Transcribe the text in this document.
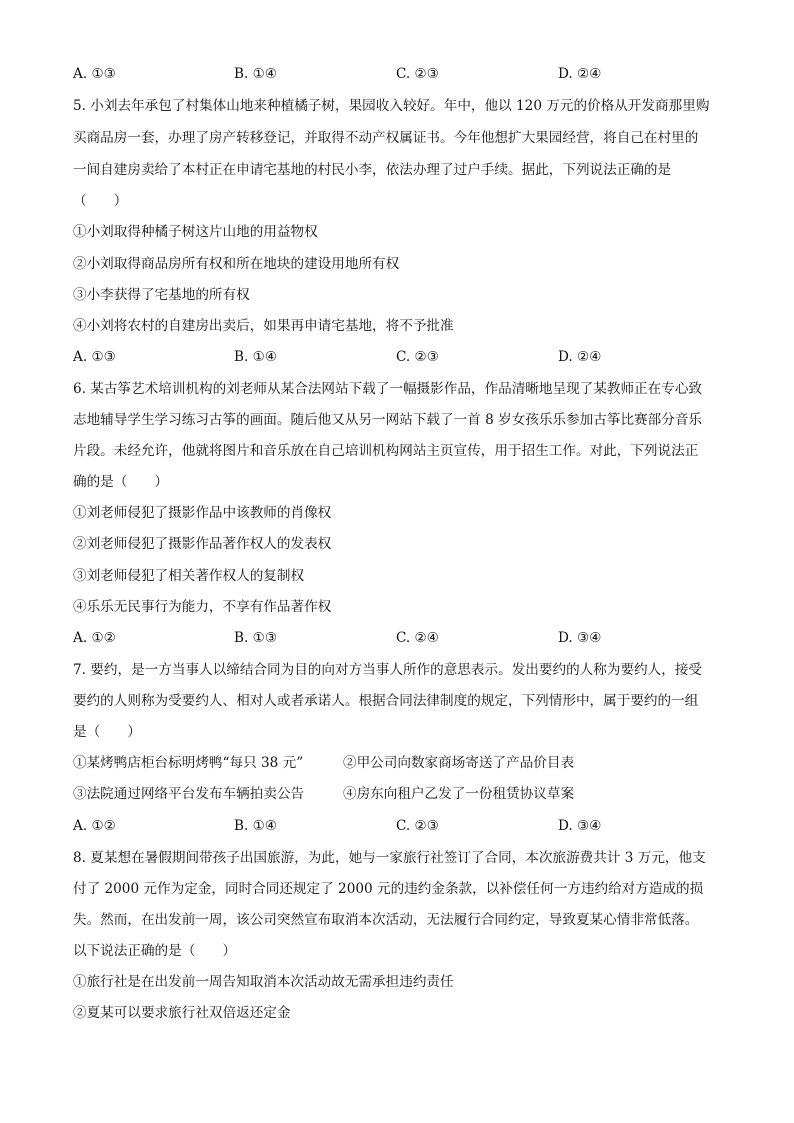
A. ①③	B. ①④	C. ②③	D. ②④
5. 小刘去年承包了村集体山地来种植橘子树，果园收入较好。年中，他以 120 万元的价格从开发商那里购
买商品房一套，办理了房产转移登记，并取得不动产权属证书。今年他想扩大果园经营，将自己在村里的
一间自建房卖给了本村正在申请宅基地的村民小李，依法办理了过户手续。据此，下列说法正确的是
（　　）
①小刘取得种橘子树这片山地的用益物权
②小刘取得商品房所有权和所在地块的建设用地所有权
③小李获得了宅基地的所有权
④小刘将农村的自建房出卖后，如果再申请宅基地，将不予批准
A. ①③	B. ①④	C. ②③	D. ②④
6. 某古筝艺术培训机构的刘老师从某合法网站下载了一幅摄影作品，作品清晰地呈现了某教师正在专心致
志地辅导学生学习练习古筝的画面。随后他又从另一网站下载了一首 8 岁女孩乐乐参加古筝比赛部分音乐
片段。未经允许，他就将图片和音乐放在自己培训机构网站主页宣传，用于招生工作。对此，下列说法正
确的是（　　）
①刘老师侵犯了摄影作品中该教师的肖像权
②刘老师侵犯了摄影作品著作权人的发表权
③刘老师侵犯了相关著作权人的复制权
④乐乐无民事行为能力，不享有作品著作权
A. ①②	B. ①③	C. ②④	D. ③④
7. 要约，是一方当事人以缔结合同为目的向对方当事人所作的意思表示。发出要约的人称为要约人，接受
要约的人则称为受要约人、相对人或者承诺人。根据合同法律制度的规定，下列情形中，属于要约的一组
是（　　）
①某烤鸭店柜台标明烤鸭“每只 38 元”	②甲公司向数家商场寄送了产品价目表
③法院通过网络平台发布车辆拍卖公告	④房东向租户乙发了一份租赁协议草案
A. ①②	B. ①④	C. ②③	D. ③④
8. 夏某想在暑假期间带孩子出国旅游，为此，她与一家旅行社签订了合同，本次旅游费共计 3 万元，他支
付了 2000 元作为定金，同时合同还规定了 2000 元的违约金条款，以补偿任何一方违约给对方造成的损
失。然而，在出发前一周，该公司突然宣布取消本次活动，无法履行合同约定，导致夏某心情非常低落。
以下说法正确的是（　　）
①旅行社是在出发前一周告知取消本次活动故无需承担违约责任
②夏某可以要求旅行社双倍返还定金
